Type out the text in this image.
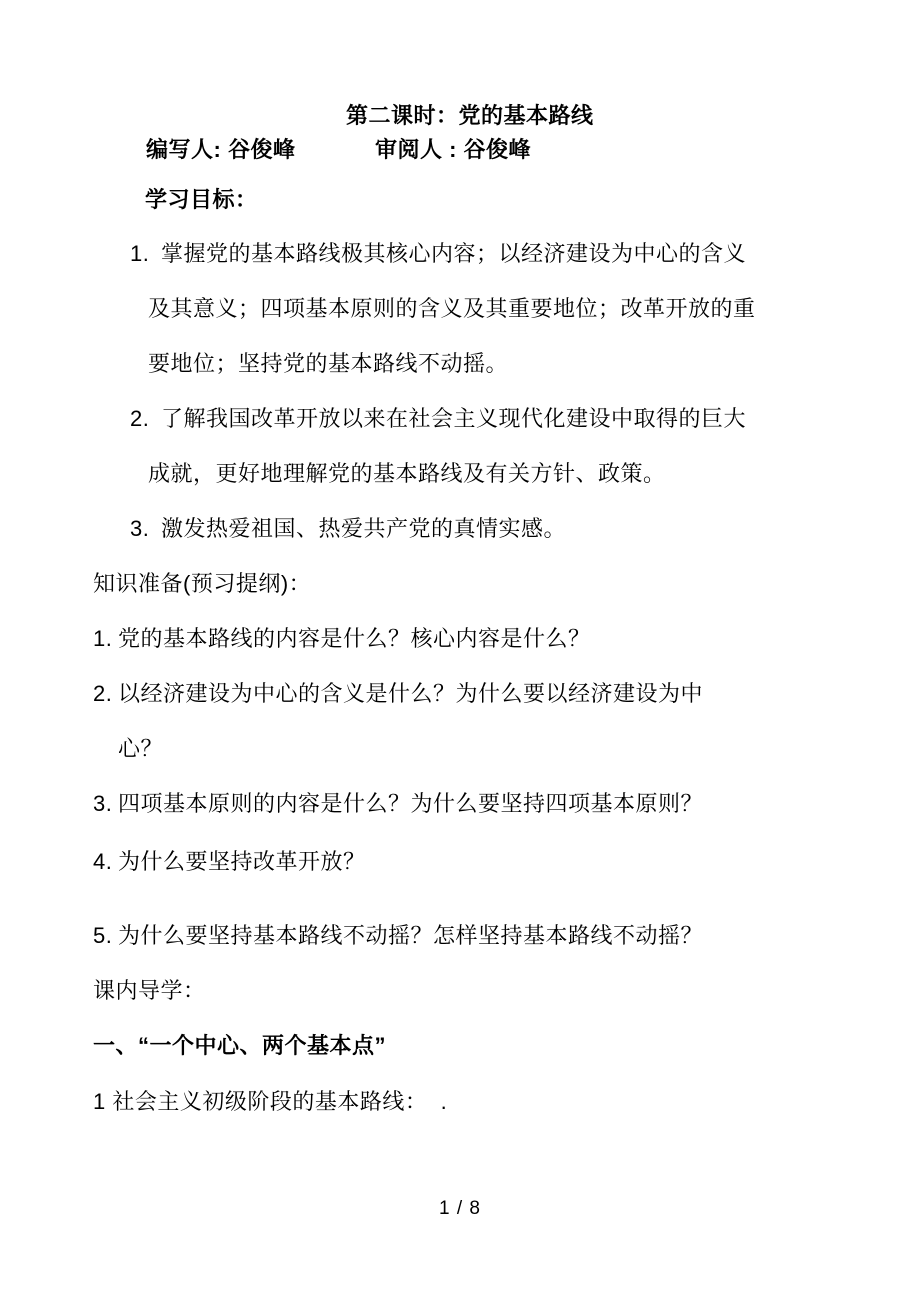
第二课时：党的基本路线
编写人: 谷俊峰	审阅人 : 谷俊峰
学习目标：
1. 掌握党的基本路线极其核心内容；以经济建设为中心的含义
及其意义；四项基本原则的含义及其重要地位；改革开放的重
要地位；坚持党的基本路线不动摇。
2. 了解我国改革开放以来在社会主义现代化建设中取得的巨大
成就，更好地理解党的基本路线及有关方针、政策。
3. 激发热爱祖国、热爱共产党的真情实感。
知识准备(预习提纲)：
1. 党的基本路线的内容是什么？核心内容是什么？
2. 以经济建设为中心的含义是什么？为什么要以经济建设为中
心？
3. 四项基本原则的内容是什么？为什么要坚持四项基本原则？
4. 为什么要坚持改革开放？
5. 为什么要坚持基本路线不动摇？怎样坚持基本路线不动摇？
课内导学：
一、“一个中心、两个基本点”
1 社会主义初级阶段的基本路线：  .
1 / 8
